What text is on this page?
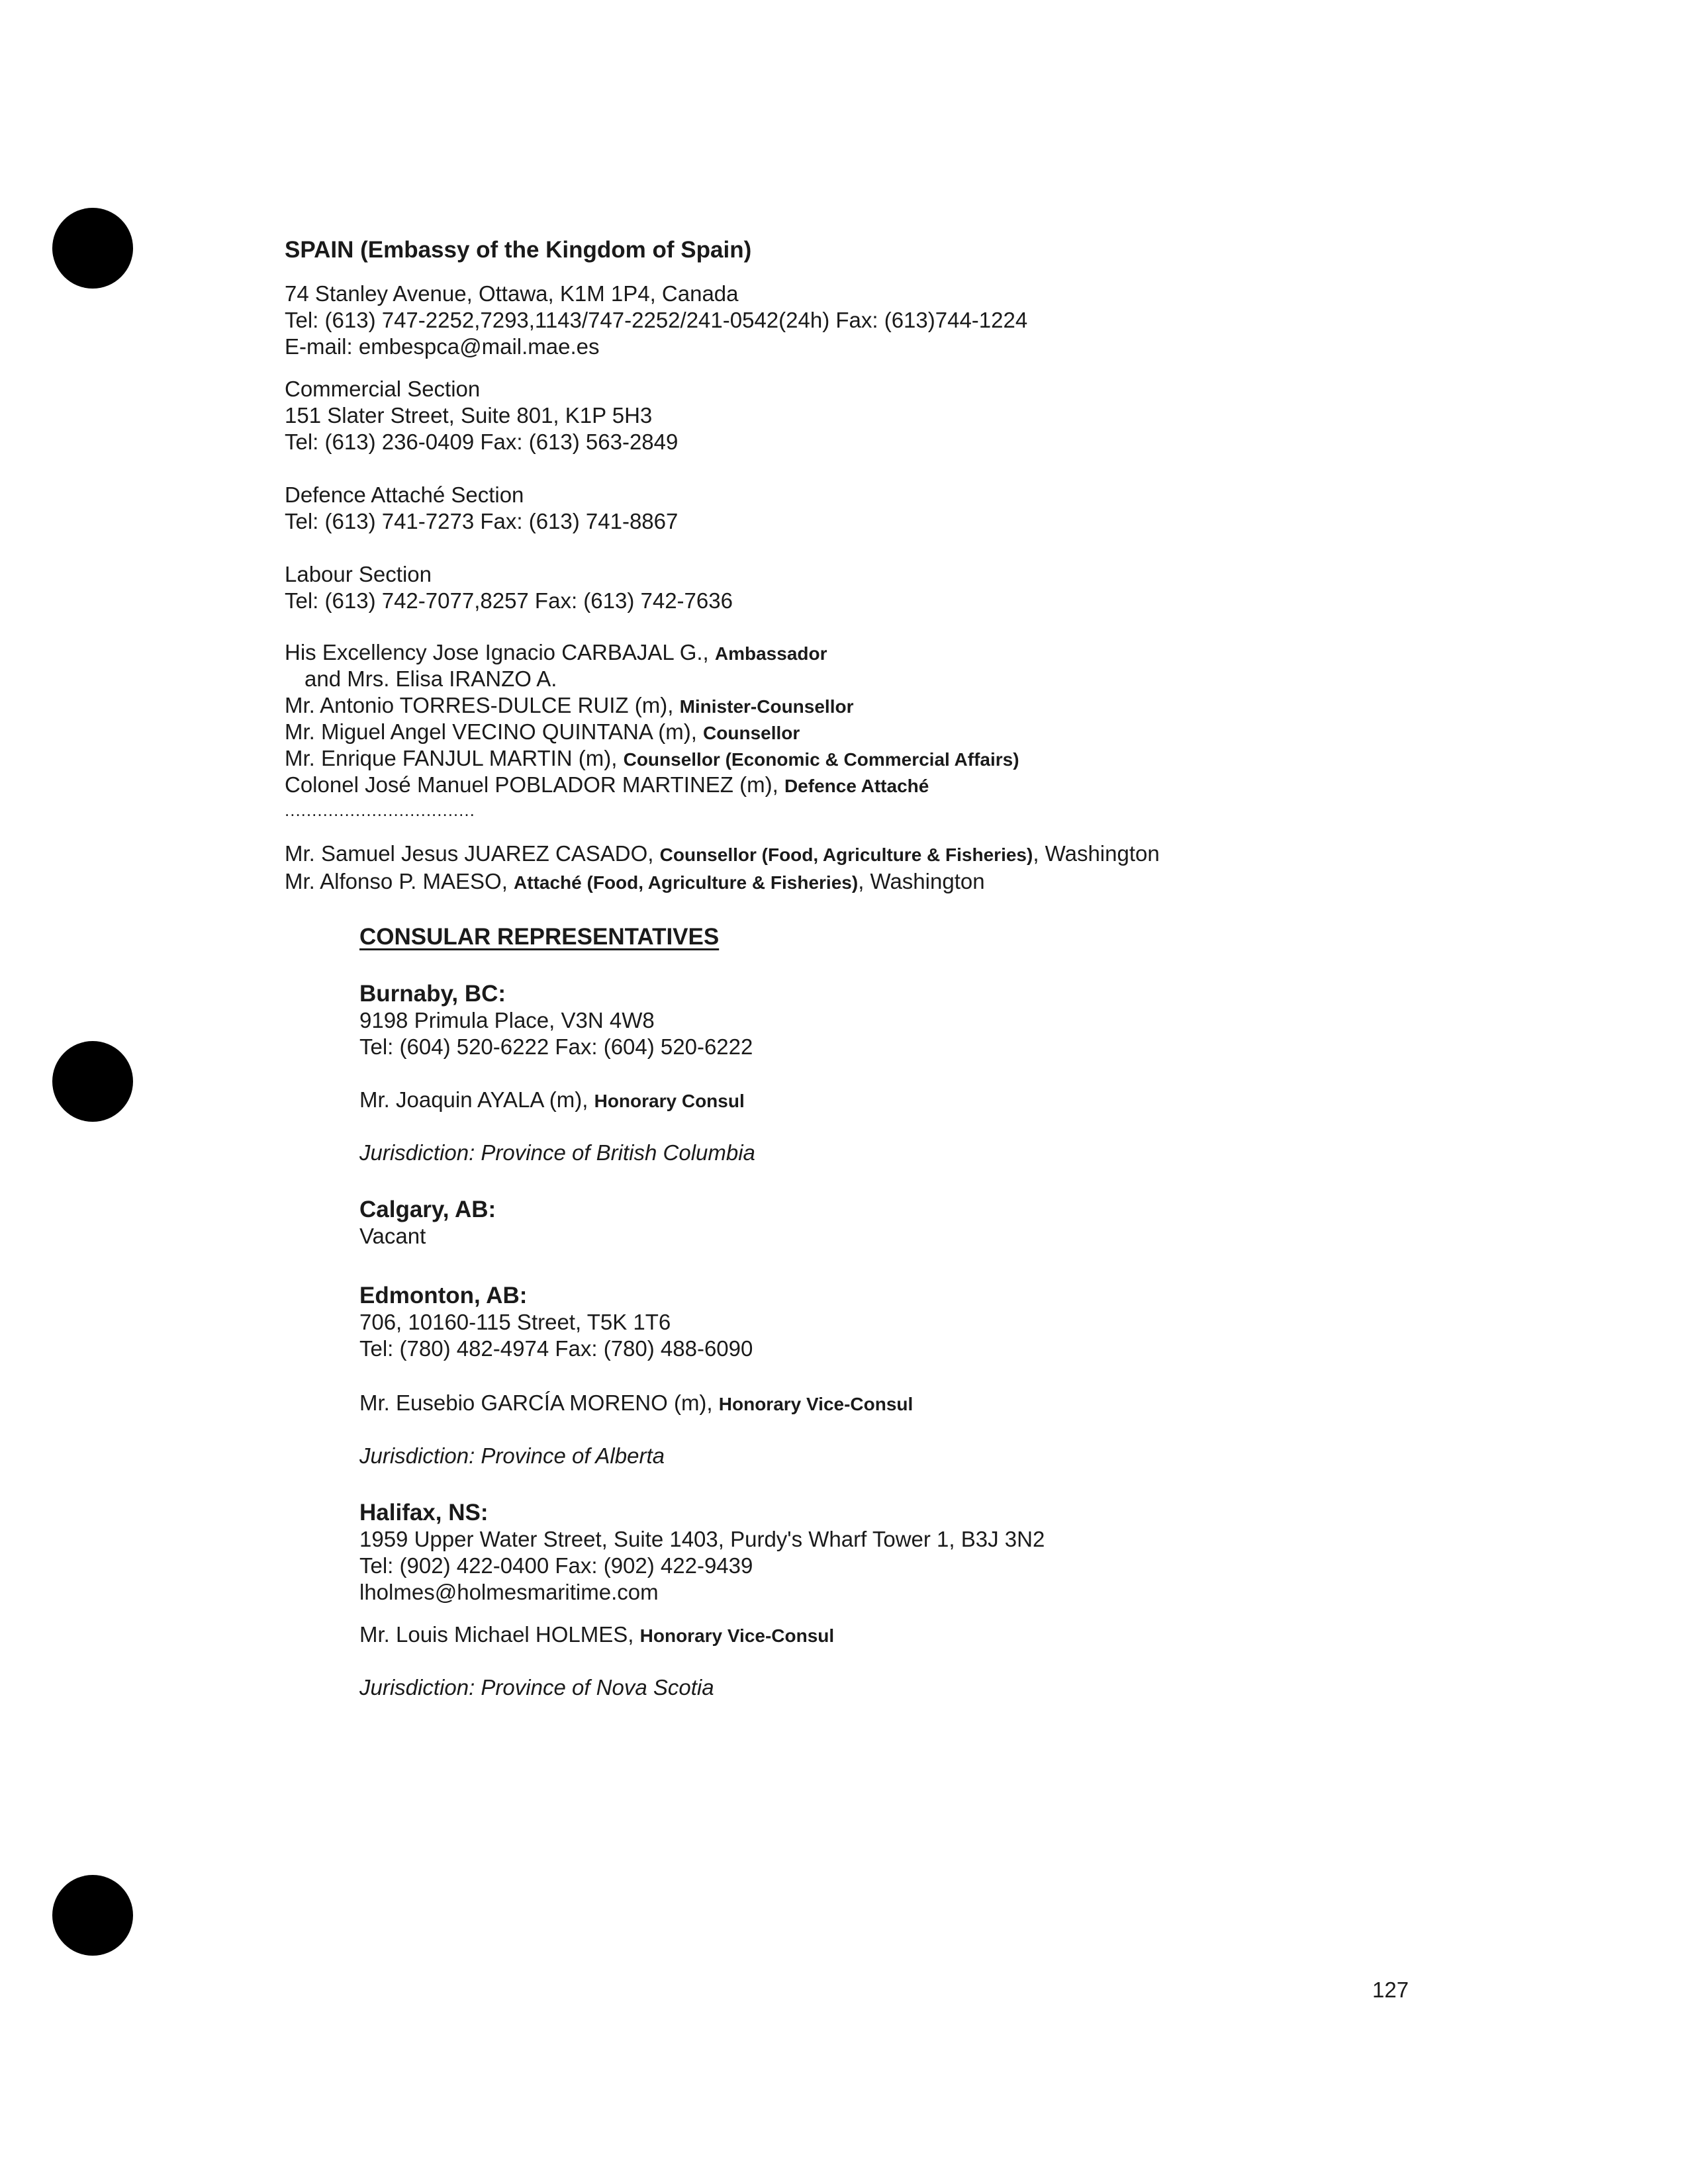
SPAIN (Embassy of the Kingdom of Spain)
74 Stanley Avenue, Ottawa, K1M 1P4, Canada
Tel: (613) 747-2252,7293,1143/747-2252/241-0542(24h) Fax: (613)744-1224
E-mail: embespca@mail.mae.es
Commercial Section
151 Slater Street, Suite 801, K1P 5H3
Tel: (613) 236-0409 Fax: (613) 563-2849
Defence Attaché Section
Tel: (613) 741-7273 Fax: (613) 741-8867
Labour Section
Tel: (613) 742-7077,8257 Fax: (613) 742-7636
His Excellency Jose Ignacio CARBAJAL G., Ambassador
and Mrs. Elisa IRANZO A.
Mr. Antonio TORRES-DULCE RUIZ (m), Minister-Counsellor
Mr. Miguel Angel VECINO QUINTANA (m), Counsellor
Mr. Enrique FANJUL MARTIN (m), Counsellor (Economic & Commercial Affairs)
Colonel José Manuel POBLADOR MARTINEZ (m), Defence Attaché
...................................
Mr. Samuel Jesus JUAREZ CASADO, Counsellor (Food, Agriculture & Fisheries), Washington
Mr. Alfonso P. MAESO, Attaché (Food, Agriculture & Fisheries), Washington
CONSULAR REPRESENTATIVES
Burnaby, BC:
9198 Primula Place, V3N 4W8
Tel: (604) 520-6222 Fax: (604) 520-6222
Mr. Joaquin AYALA (m), Honorary Consul
Jurisdiction: Province of British Columbia
Calgary, AB:
Vacant
Edmonton, AB:
706, 10160-115 Street, T5K 1T6
Tel: (780) 482-4974 Fax: (780) 488-6090
Mr. Eusebio GARCÍA MORENO (m), Honorary Vice-Consul
Jurisdiction: Province of Alberta
Halifax, NS:
1959 Upper Water Street, Suite 1403, Purdy's Wharf Tower 1, B3J 3N2
Tel: (902) 422-0400 Fax: (902) 422-9439
lholmes@holmesmaritime.com
Mr. Louis Michael HOLMES, Honorary Vice-Consul
Jurisdiction: Province of Nova Scotia
127
